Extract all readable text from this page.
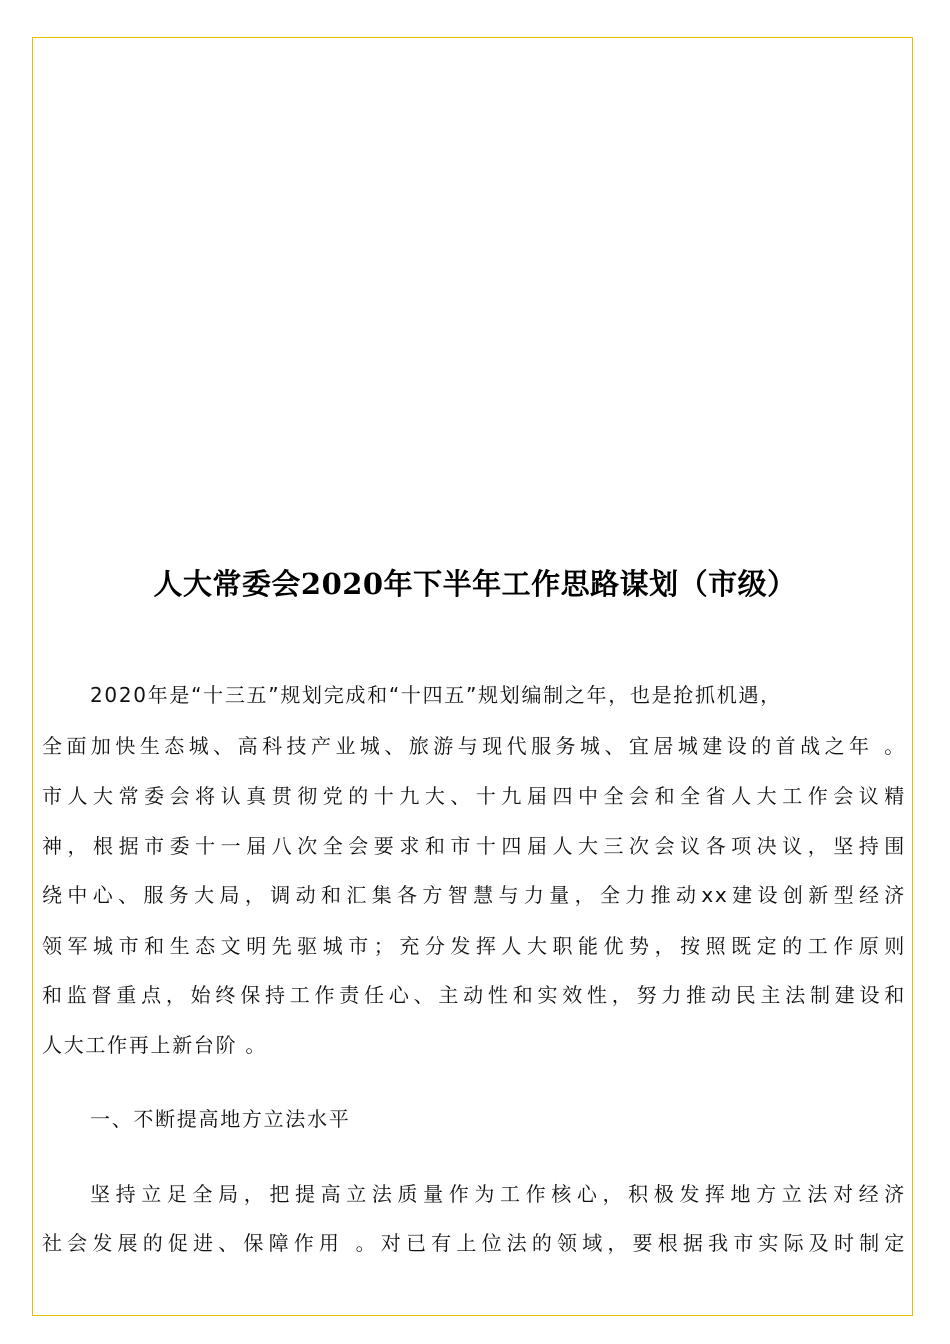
人大常委会2020年下半年工作思路谋划（市级）
2020年是“十三五”规划完成和“十四五”规划编制之年，也是抢抓机遇，
全面加快生态城、高科技产业城、旅游与现代服务城、宜居城建设的首战之年 。
市人大常委会将认真贯彻党的十九大、十九届四中全会和全省人大工作会议精
神，根据市委十一届八次全会要求和市十四届人大三次会议各项决议，坚持围
绕中心、服务大局，调动和汇集各方智慧与力量，全力推动xx建设创新型经济
领军城市和生态文明先驱城市；充分发挥人大职能优势，按照既定的工作原则
和监督重点，始终保持工作责任心、主动性和实效性，努力推动民主法制建设和
人大工作再上新台阶 。
一、不断提高地方立法水平
坚持立足全局，把提高立法质量作为工作核心，积极发挥地方立法对经济
社会发展的促进、保障作用 。对已有上位法的领域，要根据我市实际及时制定
